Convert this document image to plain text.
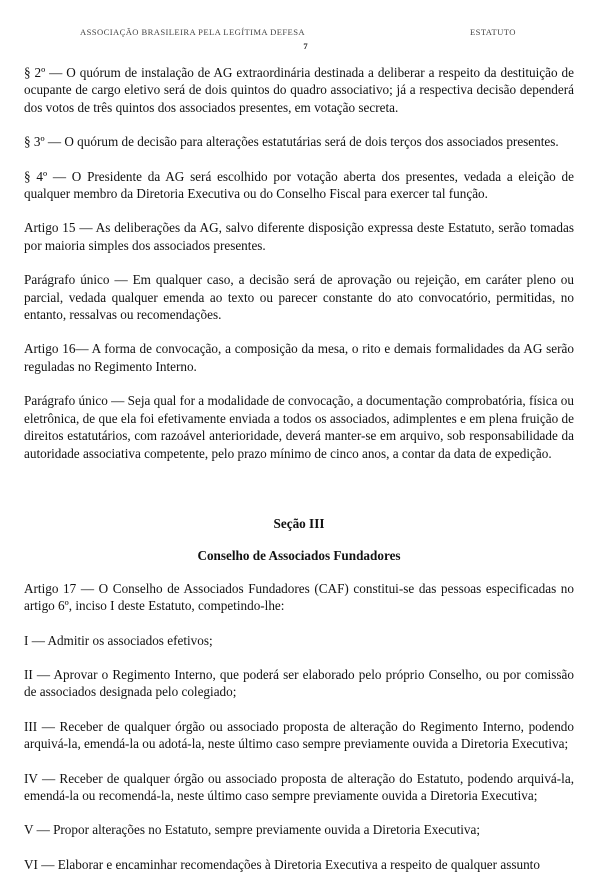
ASSOCIAÇÃO BRASILEIRA PELA LEGÍTIMA DEFESA	ESTATUTO
7

§ 2º — O quórum de instalação de AG extraordinária destinada a deliberar a respeito da destituição de ocupante de cargo eletivo será de dois quintos do quadro associativo; já a respectiva decisão dependerá dos votos de três quintos dos associados presentes, em votação secreta.

§ 3º — O quórum de decisão para alterações estatutárias será de dois terços dos associados presentes.

§ 4º — O Presidente da AG será escolhido por votação aberta dos presentes, vedada a eleição de qualquer membro da Diretoria Executiva ou do Conselho Fiscal para exercer tal função.

Artigo 15 — As deliberações da AG, salvo diferente disposição expressa deste Estatuto, serão tomadas por maioria simples dos associados presentes.

Parágrafo único — Em qualquer caso, a decisão será de aprovação ou rejeição, em caráter pleno ou parcial, vedada qualquer emenda ao texto ou parecer constante do ato convocatório, permitidas, no entanto, ressalvas ou recomendações.

Artigo 16— A forma de convocação, a composição da mesa, o rito e demais formalidades da AG serão reguladas no Regimento Interno.

Parágrafo único — Seja qual for a modalidade de convocação, a documentação comprobatória, física ou eletrônica, de que ela foi efetivamente enviada a todos os associados, adimplentes e em plena fruição de direitos estatutários, com razoável anterioridade, deverá manter-se em arquivo, sob responsabilidade da autoridade associativa competente, pelo prazo mínimo de cinco anos, a contar da data de expedição.

Seção III

Conselho de Associados Fundadores

Artigo 17 — O Conselho de Associados Fundadores (CAF) constitui-se das pessoas especificadas no artigo 6º, inciso I deste Estatuto, competindo-lhe:

I — Admitir os associados efetivos;

II — Aprovar o Regimento Interno, que poderá ser elaborado pelo próprio Conselho, ou por comissão de associados designada pelo colegiado;

III — Receber de qualquer órgão ou associado proposta de alteração do Regimento Interno, podendo arquivá-la, emendá-la ou adotá-la, neste último caso sempre previamente ouvida a Diretoria Executiva;

IV — Receber de qualquer órgão ou associado proposta de alteração do Estatuto, podendo arquivá-la, emendá-la ou recomendá-la, neste último caso sempre previamente ouvida a Diretoria Executiva;

V — Propor alterações no Estatuto, sempre previamente ouvida a Diretoria Executiva;

VI — Elaborar e encaminhar recomendações à Diretoria Executiva a respeito de qualquer assunto
